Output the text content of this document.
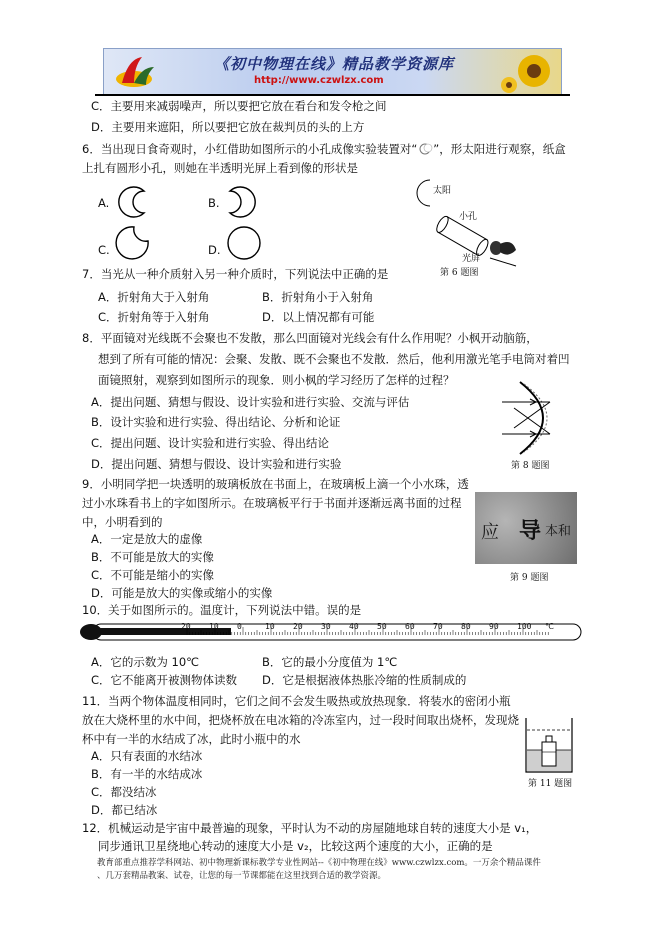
《初中物理在线》精品教学资源库
http://www.czwlzx.com
C．主要用来减弱噪声，所以要把它放在看台和发令枪之间
D．主要用来遮阳，所以要把它放在裁判员的头的上方
6．当出现日食奇观时，小红借助如图所示的小孔成像实验装置对“ ”，形太阳进行观察，纸盒
上扎有圆形小孔，则她在半透明光屏上看到像的形状是
A.	B.
C.	D.
太阳
小孔
光屏
第 6 题图
7．当光从一种介质射入另一种介质时，下列说法中正确的是
A．折射角大于入射角	B．折射角小于入射角
C．折射角等于入射角	D．以上情况都有可能
8．平面镜对光线既不会聚也不发散，那么凹面镜对光线会有什么作用呢？小枫开动脑筋，
想到了所有可能的情况：会聚、发散、既不会聚也不发散．然后，他利用激光笔手电筒对着凹
面镜照射，观察到如图所示的现象．则小枫的学习经历了怎样的过程？
A．提出问题、猜想与假设、设计实验和进行实验、交流与评估
B．设计实验和进行实验、得出结论、分析和论证
C．提出问题、设计实验和进行实验、得出结论
D．提出问题、猜想与假设、设计实验和进行实验	第 8 题图
9．小明同学把一块透明的玻璃板放在书面上，在玻璃板上滴一个小水珠，透
过小水珠看书上的字如图所示。在玻璃板平行于书面并逐渐远离书面的过程
中，小明看到的
A．一定是放大的虚像
B．不可能是放大的实像
C．不可能是缩小的实像
D．可能是放大的实像或缩小的实像
应 导 本和
第 9 题图
10．关于如图所示的。温度计，下列说法中错。误的是
20 10 0	10 20 30 40 50 60 70 80 90 100 ℃
A．它的示数为 10℃	B．它的最小分度值为 1℃
C．它不能离开被测物体读数 D．它是根据液体热胀冷缩的性质制成的
11．当两个物体温度相同时，它们之间不会发生吸热或放热现象．将装水的密闭小瓶
放在大烧杯里的水中间，把烧杯放在电冰箱的冷冻室内，过一段时间取出烧杯，发现烧
杯中有一半的水结成了冰，此时小瓶中的水
A．只有表面的水结冰
B．有一半的水结成冰
C．都没结冰
D．都已结冰
第 11 题图
12．机械运动是宇宙中最普遍的现象，平时认为不动的房屋随地球自转的速度大小是 v₁，
同步通讯卫星绕地心转动的速度大小是 v₂，比较这两个速度的大小，正确的是
教育部重点推荐学科网站、初中物理新课标教学专业性网站--《初中物理在线》www.czwlzx.com。一万余个精品课件
、几万套精品教案、试卷，让您的每一节课都能在这里找到合适的教学资源。
